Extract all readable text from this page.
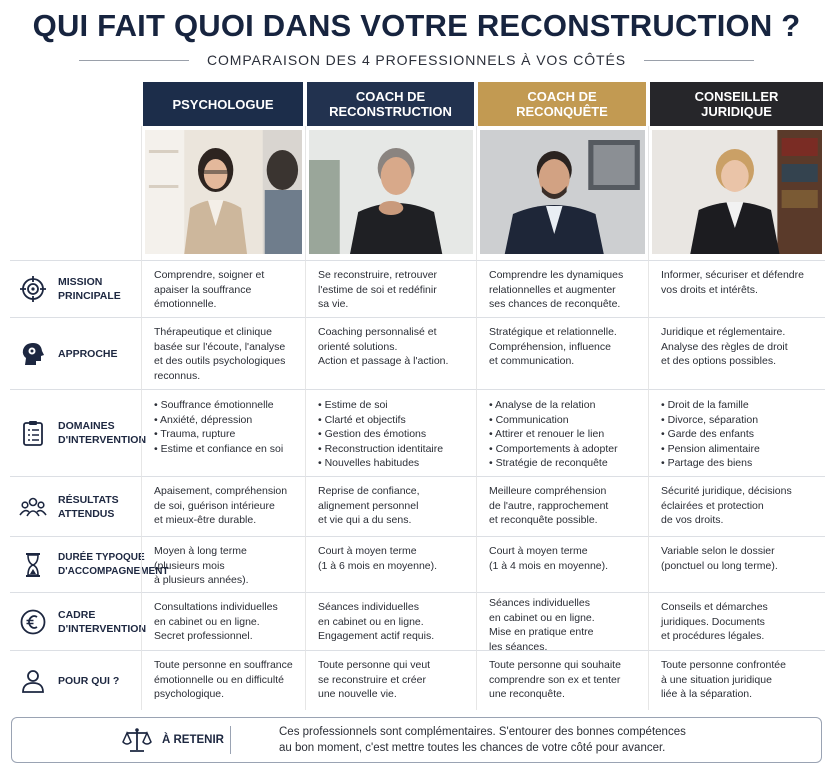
QUI FAIT QUOI DANS VOTRE RECONSTRUCTION ?
COMPARAISON DES 4 PROFESSIONNELS À VOS CÔTÉS
PSYCHOLOGUE	COACH DE
RECONSTRUCTION
COACH DE
RECONQUÊTE
CONSEILLER
JURIDIQUE
MISSION
PRINCIPALE
Comprendre, soigner et
apaiser la souffrance
émotionnelle.
Se reconstruire, retrouver
l'estime de soi et redéfinir
sa vie.
Comprendre les dynamiques
relationnelles et augmenter
ses chances de reconquête.
Informer, sécuriser et défendre
vos droits et intérêts.
APPROCHE
Thérapeutique et clinique
basée sur l'écoute, l'analyse
et des outils psychologiques
reconnus.
Coaching personnalisé et
orienté solutions.
Action et passage à l'action.
Stratégique et relationnelle.
Compréhension, influence
et communication.
Juridique et réglementaire.
Analyse des règles de droit
et des options possibles.
DOMAINES
D'INTERVENTION
• Souffrance émotionnelle
• Anxiété, dépression
• Trauma, rupture
• Estime et confiance en soi
• Estime de soi
• Clarté et objectifs
• Gestion des émotions
• Reconstruction identitaire
• Nouvelles habitudes
• Analyse de la relation
• Communication
• Attirer et renouer le lien
• Comportements à adopter
• Stratégie de reconquête
• Droit de la famille
• Divorce, séparation
• Garde des enfants
• Pension alimentaire
• Partage des biens
RÉSULTATS
ATTENDUS
Apaisement, compréhension
de soi, guérison intérieure
et mieux-être durable.
Reprise de confiance,
alignement personnel
et vie qui a du sens.
Meilleure compréhension
de l'autre, rapprochement
et reconquête possible.
Sécurité juridique, décisions
éclairées et protection
de vos droits.
DURÉE TYPOQUE
D'ACCOMPAGNEMENT
Moyen à long terme
(plusieurs mois
à plusieurs années).
Court à moyen terme
(1 à 6 mois en moyenne).
Court à moyen terme
(1 à 4 mois en moyenne).
Variable selon le dossier
(ponctuel ou long terme).
CADRE
D'INTERVENTION
Consultations individuelles
en cabinet ou en ligne.
Secret professionnel.
Séances individuelles
en cabinet ou en ligne.
Engagement actif requis.
Séances individuelles
en cabinet ou en ligne.
Mise en pratique entre
les séances.
Conseils et démarches
juridiques. Documents
et procédures légales.
POUR QUI ?
Toute personne en souffrance
émotionnelle ou en difficulté
psychologique.
Toute personne qui veut
se reconstruire et créer
une nouvelle vie.
Toute personne qui souhaite
comprendre son ex et tenter
une reconquête.
Toute personne confrontée
à une situation juridique
liée à la séparation.
À RETENIR
Ces professionnels sont complémentaires. S'entourer des bonnes compétences
au bon moment, c'est mettre toutes les chances de votre côté pour avancer.
